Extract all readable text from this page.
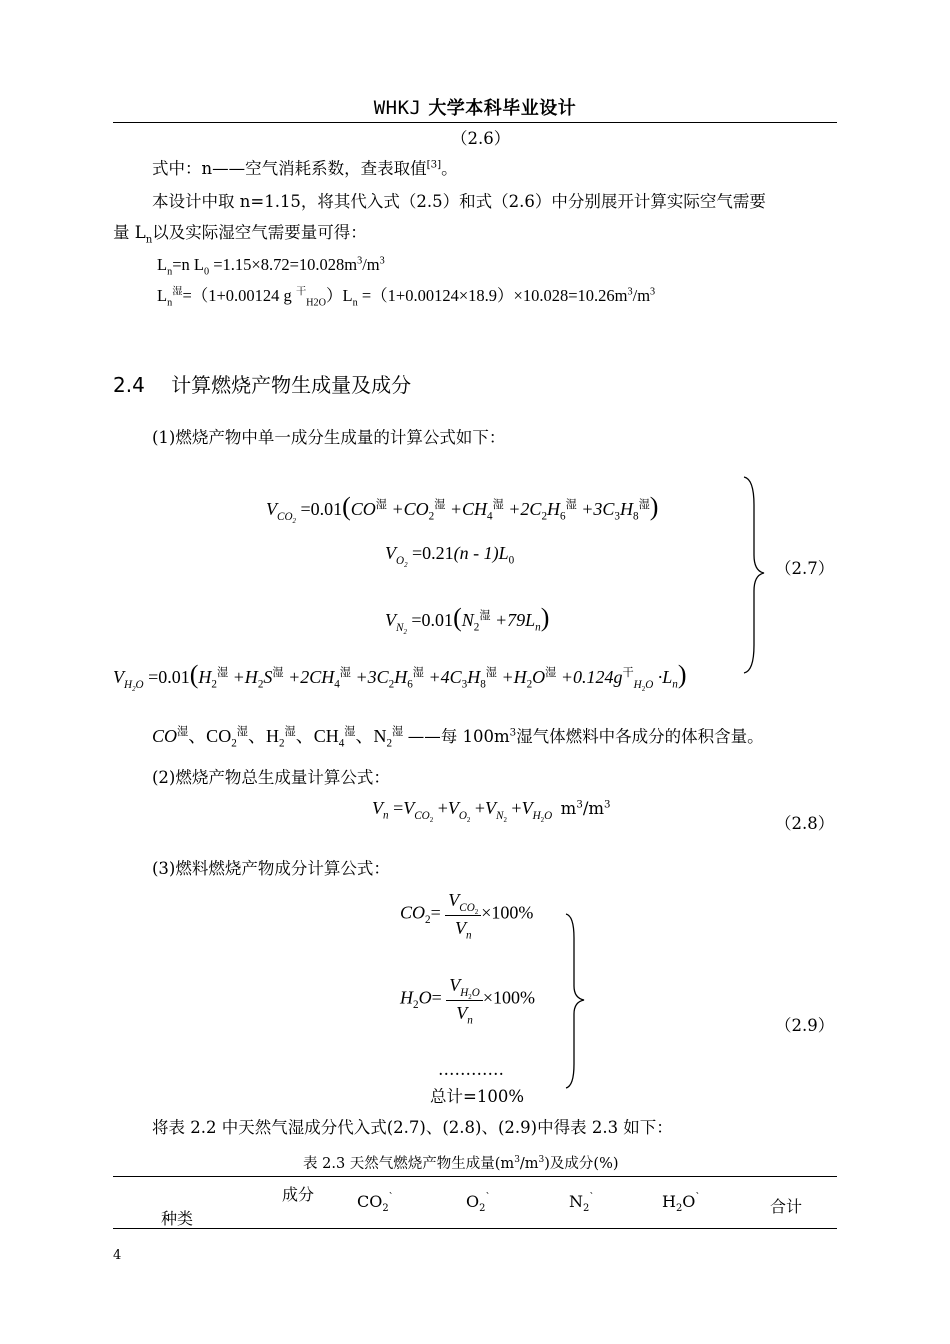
WHKJ 大学本科毕业设计
（2.6）
式中：n——空气消耗系数，查表取值[3]。
本设计中取 n=1.15，将其代入式（2.5）和式（2.6）中分别展开计算实际空气需要
量 $L_n$以及实际湿空气需要量可得：
$L_n=n$ $L_0 =1.15\times 8.72=10.028m^3/m^3$
$L_n^湿=(1+0.00124$ g $^干_{H2O})L_n =(1+0.00124\times 18.9)\times 10.028=10.26m^3/m^3$
2.4 计算燃烧产物生成量及成分
(1)燃烧产物中单一成分生成量的计算公式如下：
$V_{CO_2} =0.01(CO^湿 +CO_2^湿 +CH_4^湿 +2C_2H_6^湿 +3C_3H_8^湿)$
$V_{O_2} =0.21(n - 1)L_0$
$V_{N_2} =0.01(N_2^湿 +79L_n)$
$V_{H_2O} =0.01(H_2^湿 +H_2S^湿 +2CH_4^湿 +3C_2H_6^湿 +4C_3H_8^湿 +H_2O^湿 +0.124g^干_{H_2O} \cdot L_n)$
（2.7）
$CO^湿$、$CO_2^湿$、$H_2^湿$、$CH_4^湿$、$N_2^湿$ ——每 $100m^3$湿气体燃料中各成分的体积含量。
(2)燃烧产物总生成量计算公式：
$V_n =V_{CO_2} +V_{O_2} +V_{N_2} +V_{H_2O}$ $m^3/m^3$
（2.8）
(3)燃料燃烧产物成分计算公式：
$CO_2= \frac{V_{CO_2}}{V_n} \times 100\%$
$H_2O= \frac{V_{H_2O}}{V_n} \times 100\%$
…………
总计=100%
（2.9）
将表 2.2 中天然气湿成分代入式(2.7)、(2.8)、(2.9)中得表 2.3 如下：
表 2.3 天然气燃烧产物生成量$(m^3/m^3)$及成分(%)
成分
种类
$CO_2^`$	$O_2^`$	$N_2^`$	$H_2O^`$	合计
4
